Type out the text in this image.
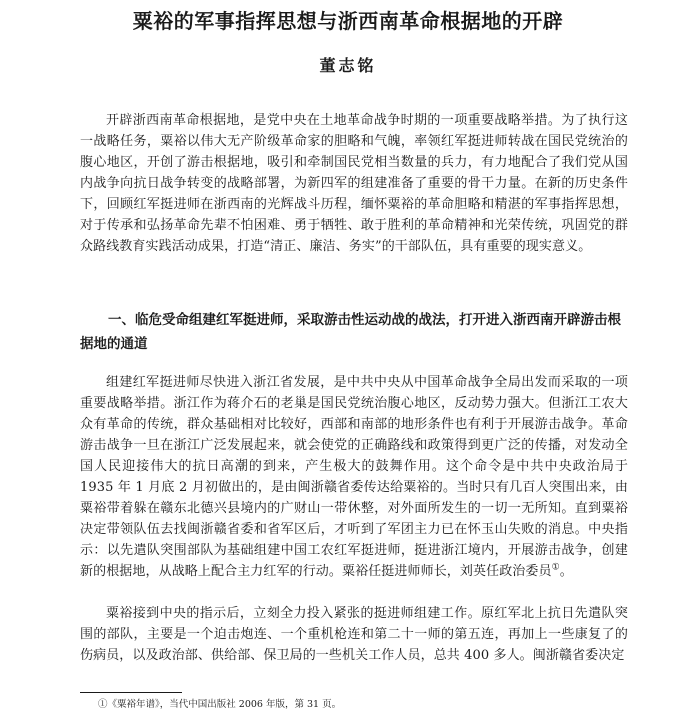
粟裕的军事指挥思想与浙西南革命根据地的开辟
董志铭

开辟浙西南革命根据地，是党中央在土地革命战争时期的一项重要战略举措。为了执行这一战略任务，粟裕以伟大无产阶级革命家的胆略和气魄，率领红军挺进师转战在国民党统治的腹心地区，开创了游击根据地，吸引和牵制国民党相当数量的兵力，有力地配合了我们党从国内战争向抗日战争转变的战略部署，为新四军的组建准备了重要的骨干力量。在新的历史条件下，回顾红军挺进师在浙西南的光辉战斗历程，缅怀粟裕的革命胆略和精湛的军事指挥思想，对于传承和弘扬革命先辈不怕困难、勇于牺牲、敢于胜利的革命精神和光荣传统，巩固党的群众路线教育实践活动成果，打造“清正、廉洁、务实”的干部队伍，具有重要的现实意义。

一、临危受命组建红军挺进师，采取游击性运动战的战法，打开进入浙西南开辟游击根据地的通道

组建红军挺进师尽快进入浙江省发展，是中共中央从中国革命战争全局出发而采取的一项重要战略举措。浙江作为蒋介石的老巢是国民党统治腹心地区，反动势力强大。但浙江工农大众有革命的传统，群众基础相对比较好，西部和南部的地形条件也有利于开展游击战争。革命游击战争一旦在浙江广泛发展起来，就会使党的正确路线和政策得到更广泛的传播，对发动全国人民迎接伟大的抗日高潮的到来，产生极大的鼓舞作用。这个命令是中共中央政治局于 1935 年 1 月底 2 月初做出的，是由闽浙赣省委传达给粟裕的。当时只有几百人突围出来，由粟裕带着躲在赣东北德兴县境内的广财山一带休整，对外面所发生的一切一无所知。直到粟裕决定带领队伍去找闽浙赣省委和省军区后，才听到了军团主力已在怀玉山失败的消息。中央指示：以先遣队突围部队为基础组建中国工农红军挺进师，挺进浙江境内，开展游击战争，创建新的根据地，从战略上配合主力红军的行动。粟裕任挺进师师长，刘英任政治委员①。

粟裕接到中央的指示后，立刻全力投入紧张的挺进师组建工作。原红军北上抗日先遣队突围的部队，主要是一个迫击炮连、一个重机枪连和第二十一师的第五连，再加上一些康复了的伤病员，以及政治部、供给部、保卫局的一些机关工作人员，总共 400 多人。闽浙赣省委决定

①《粟裕年谱》，当代中国出版社 2006 年版，第 31 页。
